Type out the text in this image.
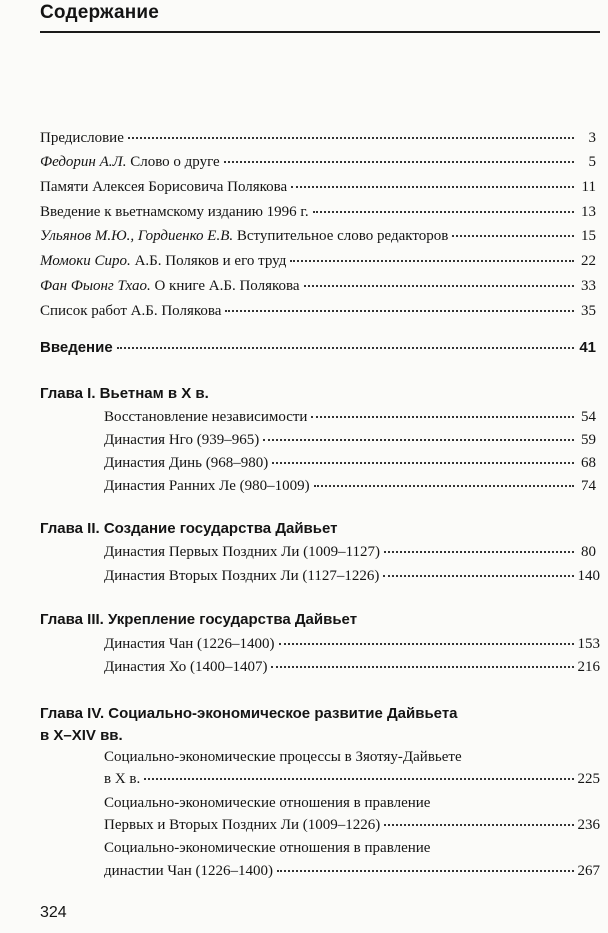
Содержание
Предисловие	3
Федорин А.Л. Слово о друге	5
Памяти Алексея Борисовича Полякова	11
Введение к вьетнамскому изданию 1996 г.	13
Ульянов М.Ю., Гордиенко Е.В. Вступительное слово редакторов	15
Момоки Сиро. А.Б. Поляков и его труд	22
Фан Фыонг Тхао. О книге А.Б. Полякова	33
Список работ А.Б. Полякова	35
Введение	41
Глава I. Вьетнам в X в.
Восстановление независимости	54
Династия Нго (939–965)	59
Династия Динь (968–980)	68
Династия Ранних Ле (980–1009)	74
Глава II. Создание государства Дайвьет
Династия Первых Поздних Ли (1009–1127)	80
Династия Вторых Поздних Ли (1127–1226)	140
Глава III. Укрепление государства Дайвьет
Династия Чан (1226–1400)	153
Династия Хо (1400–1407)	216
Глава IV. Социально-экономическое развитие Дайвьета
в X–XIV вв.
Социально-экономические процессы в Зяотяу-Дайвьете
в X в.	225
Социально-экономические отношения в правление
Первых и Вторых Поздних Ли (1009–1226)	236
Социально-экономические отношения в правление
династии Чан (1226–1400)	267
324
